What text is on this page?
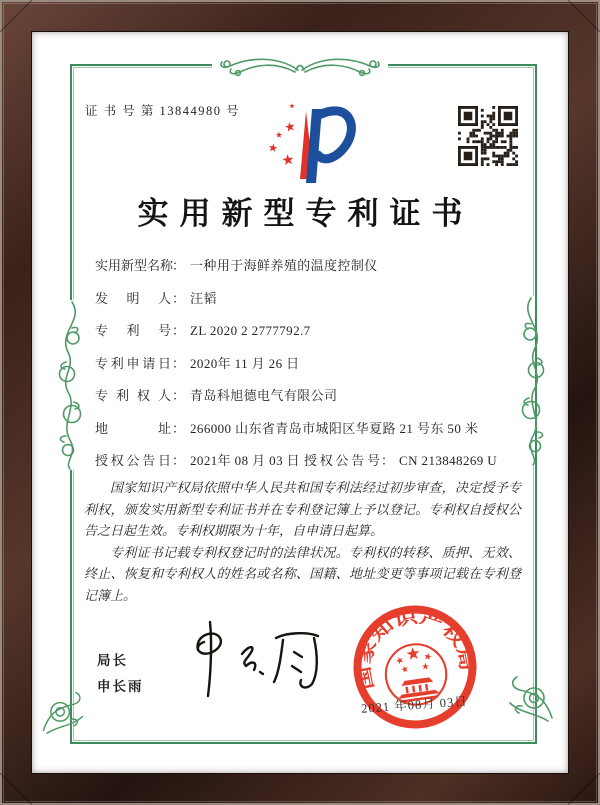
证 书 号 第 13844980 号
实用新型专利证书
实用新型名称
： 一种用于海鲜养殖的温度控制仪
发明人 ： 汪韬
专利号 ： ZL 2020 2 2777792.7
专利申请日 ： 2020年 11 月 26 日
专利权人 ： 青岛科旭德电气有限公司
地址 ： 266000 山东省青岛市城阳区华夏路 21 号东 50 米
授权公告日 ： 2021年 08 月 03 日 授权公告号 ： CN 213848269 U

国家知识产权局依照中华人民共和国专利法经过初步审查，决定授予专利权，颁发实用新型专利证书并在专利登记簿上予以登记。专利权自授权公告之日起生效。专利权期限为十年，自申请日起算。

专利证书记载专利权登记时的法律状况。专利权的转移、质押、无效、终止、恢复和专利权人的姓名或名称、国籍、地址变更等事项记载在专利登记簿上。

局长
申长雨	国家知识产权局
2021 年08月 03日
